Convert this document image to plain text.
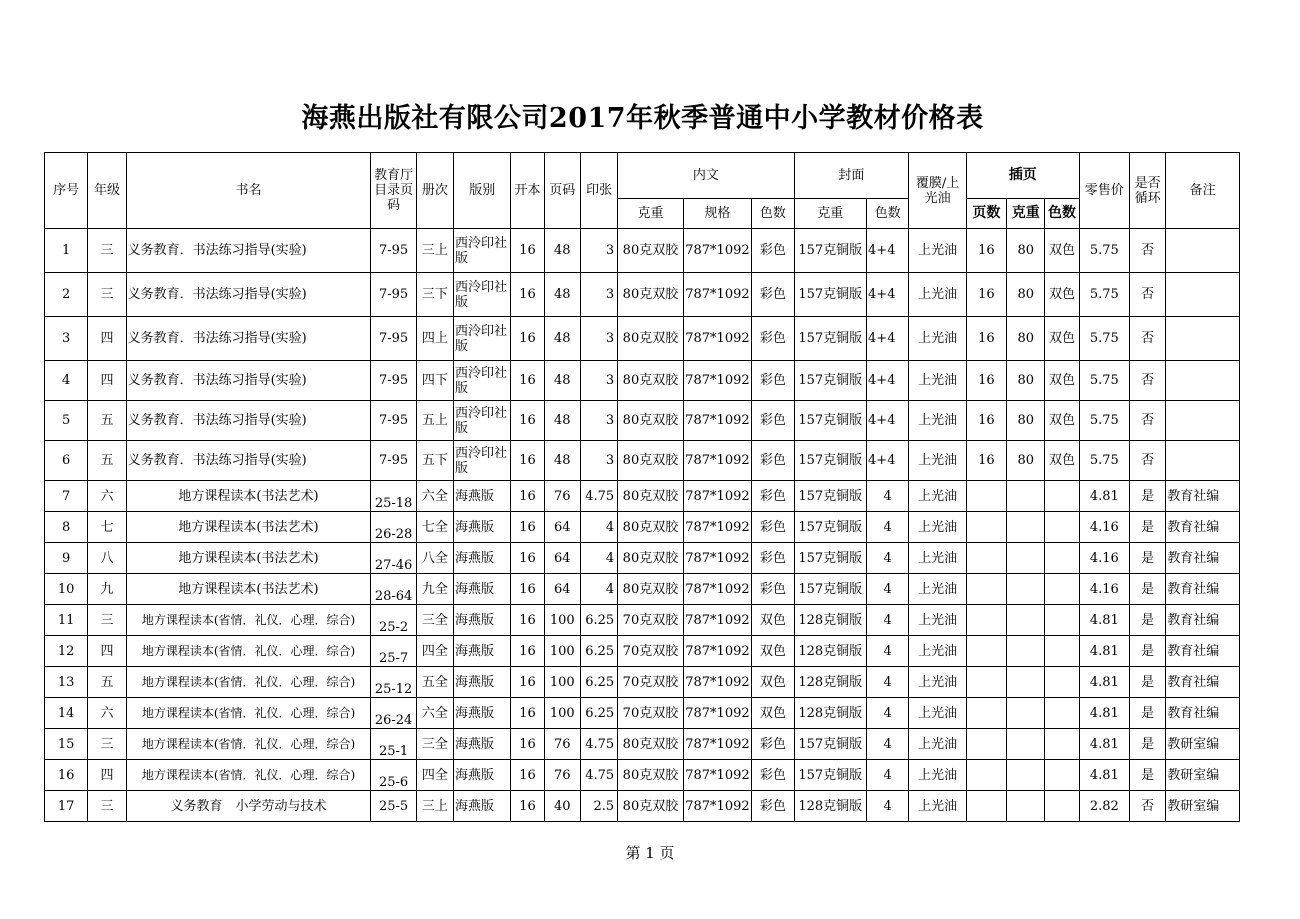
海燕出版社有限公司2017年秋季普通中小学教材价格表
序号	年级	书名	教育厅目录页码	册次	版别	开本	页码	印张	内文			封面		覆膜/上光油	插页			零售价	是否循环	备注
									克重	规格	色数	克重	色数		页数	克重	色数			
1	三	义务教育．书法练习指导(实验)	7-95	三上	西泠印社版	16	48	3	80克双胶	787*1092	彩色	157克铜版	4+4	上光油	16	80	双色	5.75	否	
2	三	义务教育．书法练习指导(实验)	7-95	三下	西泠印社版	16	48	3	80克双胶	787*1092	彩色	157克铜版	4+4	上光油	16	80	双色	5.75	否	
3	四	义务教育．书法练习指导(实验)	7-95	四上	西泠印社版	16	48	3	80克双胶	787*1092	彩色	157克铜版	4+4	上光油	16	80	双色	5.75	否	
4	四	义务教育．书法练习指导(实验)	7-95	四下	西泠印社版	16	48	3	80克双胶	787*1092	彩色	157克铜版	4+4	上光油	16	80	双色	5.75	否	
5	五	义务教育．书法练习指导(实验)	7-95	五上	西泠印社版	16	48	3	80克双胶	787*1092	彩色	157克铜版	4+4	上光油	16	80	双色	5.75	否	
6	五	义务教育．书法练习指导(实验)	7-95	五下	西泠印社版	16	48	3	80克双胶	787*1092	彩色	157克铜版	4+4	上光油	16	80	双色	5.75	否	
7	六	地方课程读本(书法艺术)	25-18	六全	海燕版	16	76	4.75	80克双胶	787*1092	彩色	157克铜版	4	上光油				4.81	是	教育社编
8	七	地方课程读本(书法艺术)	26-28	七全	海燕版	16	64	4	80克双胶	787*1092	彩色	157克铜版	4	上光油				4.16	是	教育社编
9	八	地方课程读本(书法艺术)	27-46	八全	海燕版	16	64	4	80克双胶	787*1092	彩色	157克铜版	4	上光油				4.16	是	教育社编
10	九	地方课程读本(书法艺术)	28-64	九全	海燕版	16	64	4	80克双胶	787*1092	彩色	157克铜版	4	上光油				4.16	是	教育社编
11	三	地方课程读本(省情．礼仪．心理．综合)	25-2	三全	海燕版	16	100	6.25	70克双胶	787*1092	双色	128克铜版	4	上光油				4.81	是	教育社编
12	四	地方课程读本(省情．礼仪．心理．综合)	25-7	四全	海燕版	16	100	6.25	70克双胶	787*1092	双色	128克铜版	4	上光油				4.81	是	教育社编
13	五	地方课程读本(省情．礼仪．心理．综合)	25-12	五全	海燕版	16	100	6.25	70克双胶	787*1092	双色	128克铜版	4	上光油				4.81	是	教育社编
14	六	地方课程读本(省情．礼仪．心理．综合)	26-24	六全	海燕版	16	100	6.25	70克双胶	787*1092	双色	128克铜版	4	上光油				4.81	是	教育社编
15	三	地方课程读本(省情．礼仪．心理．综合)	25-1	三全	海燕版	16	76	4.75	80克双胶	787*1092	彩色	157克铜版	4	上光油				4.81	是	教研室编
16	四	地方课程读本(省情．礼仪．心理．综合)	25-6	四全	海燕版	16	76	4.75	80克双胶	787*1092	彩色	157克铜版	4	上光油				4.81	是	教研室编
17	三	义务教育　小学劳动与技术	25-5	三上	海燕版	16	40	2.5	80克双胶	787*1092	彩色	128克铜版	4	上光油				2.82	否	教研室编
第 1 页
